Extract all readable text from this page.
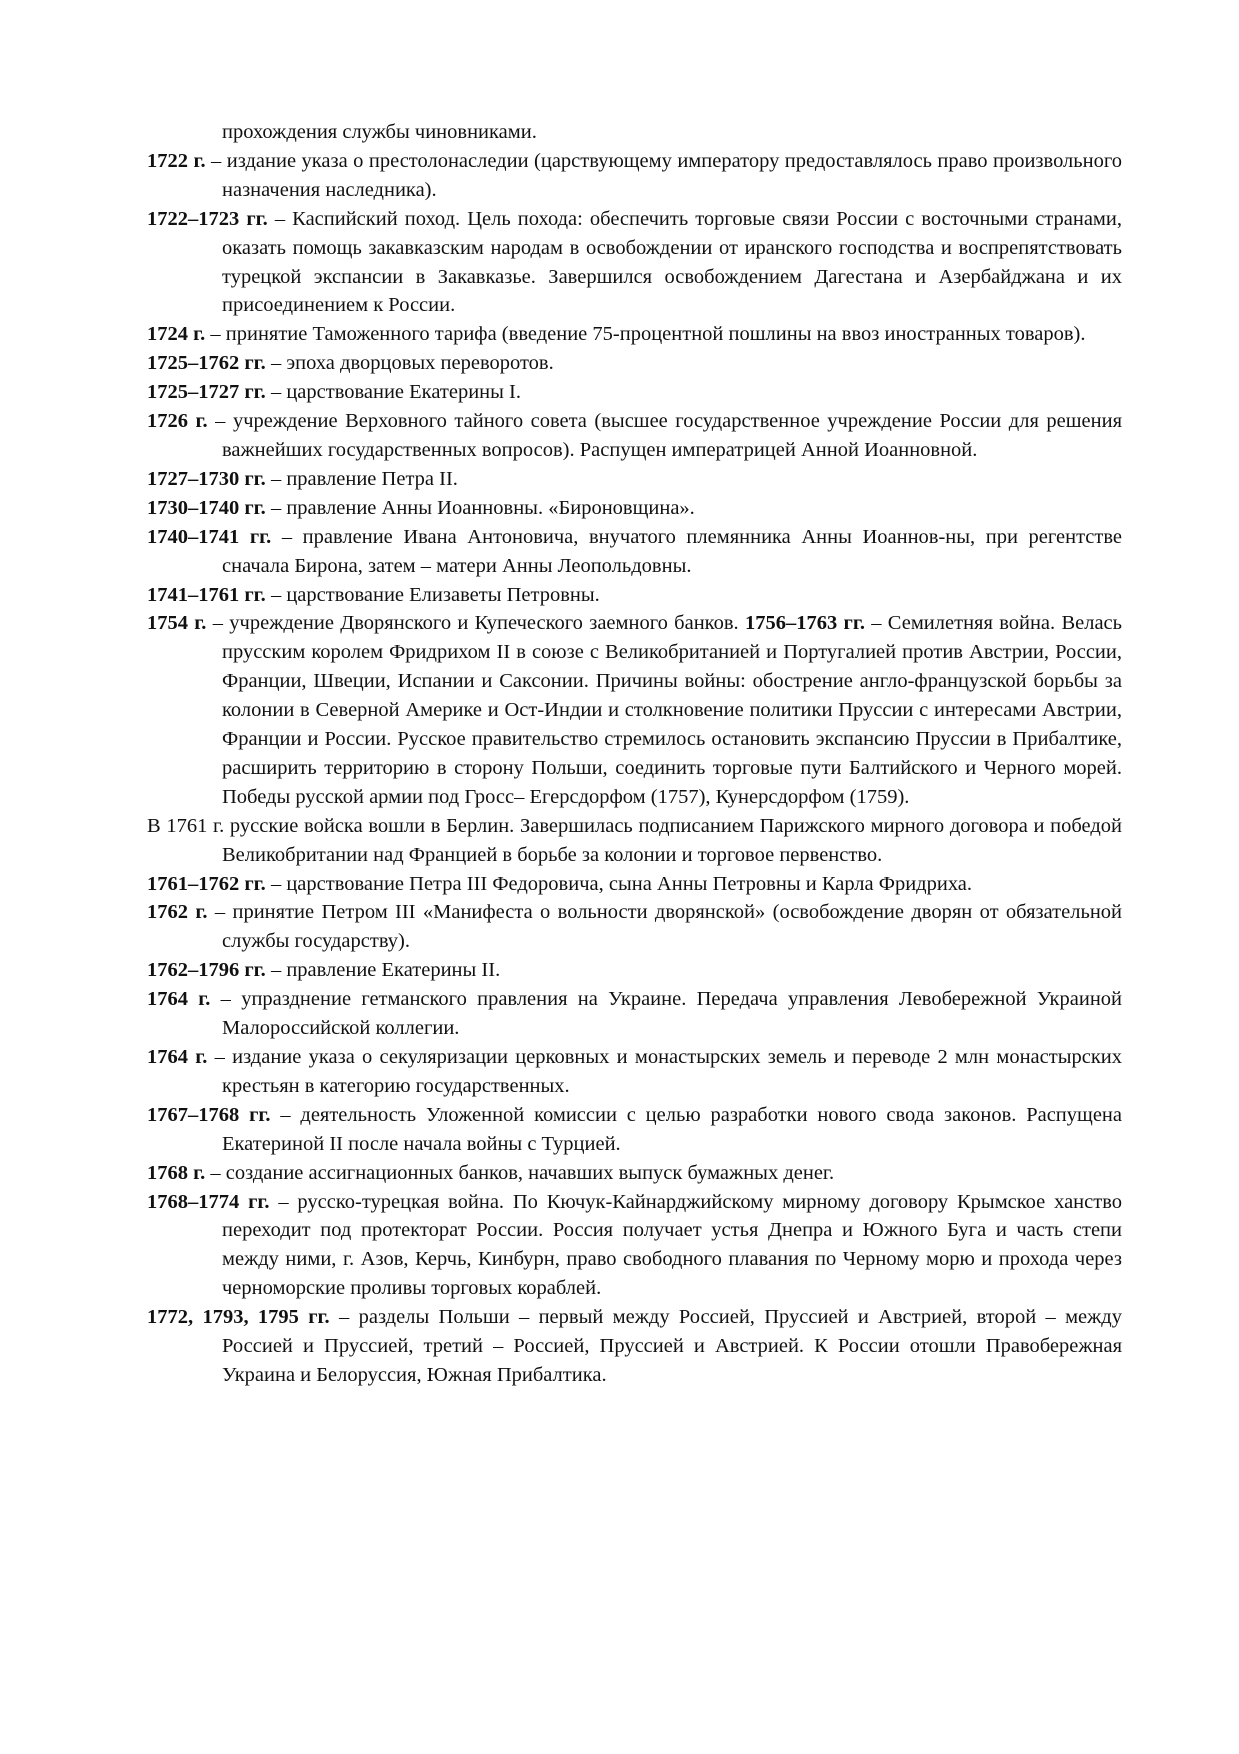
прохождения службы чиновниками.

1722 г. – издание указа о престолонаследии (царствующему императору предоставлялось право произвольного назначения наследника).

1722–1723 гг. – Каспийский поход. Цель похода: обеспечить торговые связи России с восточными странами, оказать помощь закавказским народам в освобождении от иранского господства и воспрепятствовать турецкой экспансии в Закавказье. Завершился освобождением Дагестана и Азербайджана и их присоединением к России.

1724 г. – принятие Таможенного тарифа (введение 75-процентной пошлины на ввоз иностранных товаров).

1725–1762 гг. – эпоха дворцовых переворотов.

1725–1727 гг. – царствование Екатерины I.

1726 г. – учреждение Верховного тайного совета (высшее государственное учреждение России для решения важнейших государственных вопросов). Распущен императрицей Анной Иоанновной.

1727–1730 гг. – правление Петра II.

1730–1740 гг. – правление Анны Иоанновны. «Бироновщина».

1740–1741 гг. – правление Ивана Антоновича, внучатого племянника Анны Иоаннов-ны, при регентстве сначала Бирона, затем – матери Анны Леопольдовны.

1741–1761 гг. – царствование Елизаветы Петровны.

1754 г. – учреждение Дворянского и Купеческого заемного банков. 1756–1763 гг. – Семилетняя война. Велась прусским королем Фридрихом II в союзе с Великобританией и Португалией против Австрии, России, Франции, Швеции, Испании и Саксонии. Причины войны: обострение англо-французской борьбы за колонии в Северной Америке и Ост-Индии и столкновение политики Пруссии с интересами Австрии, Франции и России. Русское правительство стремилось остановить экспансию Пруссии в Прибалтике, расширить территорию в сторону Польши, соединить торговые пути Балтийского и Черного морей. Победы русской армии под Гросс– Егерсдорфом (1757), Кунерсдорфом (1759).

В 1761 г. русские войска вошли в Берлин. Завершилась подписанием Парижского мирного договора и победой Великобритании над Францией в борьбе за колонии и торговое первенство.

1761–1762 гг. – царствование Петра III Федоровича, сына Анны Петровны и Карла Фридриха.

1762 г. – принятие Петром III «Манифеста о вольности дворянской» (освобождение дворян от обязательной службы государству).

1762–1796 гг. – правление Екатерины II.

1764 г. – упразднение гетманского правления на Украине. Передача управления Левобережной Украиной Малороссийской коллегии.

1764 г. – издание указа о секуляризации церковных и монастырских земель и переводе 2 млн монастырских крестьян в категорию государственных.

1767–1768 гг. – деятельность Уложенной комиссии с целью разработки нового свода законов. Распущена Екатериной II после начала войны с Турцией.

1768 г. – создание ассигнационных банков, начавших выпуск бумажных денег.

1768–1774 гг. – русско-турецкая война. По Кючук-Кайнарджийскому мирному договору Крымское ханство переходит под протекторат России. Россия получает устья Днепра и Южного Буга и часть степи между ними, г. Азов, Керчь, Кинбурн, право свободного плавания по Черному морю и прохода через черноморские проливы торговых кораблей.

1772, 1793, 1795 гг. – разделы Польши – первый между Россией, Пруссией и Австрией, второй – между Россией и Пруссией, третий – Россией, Пруссией и Австрией. К России отошли Правобережная Украина и Белоруссия, Южная Прибалтика.
